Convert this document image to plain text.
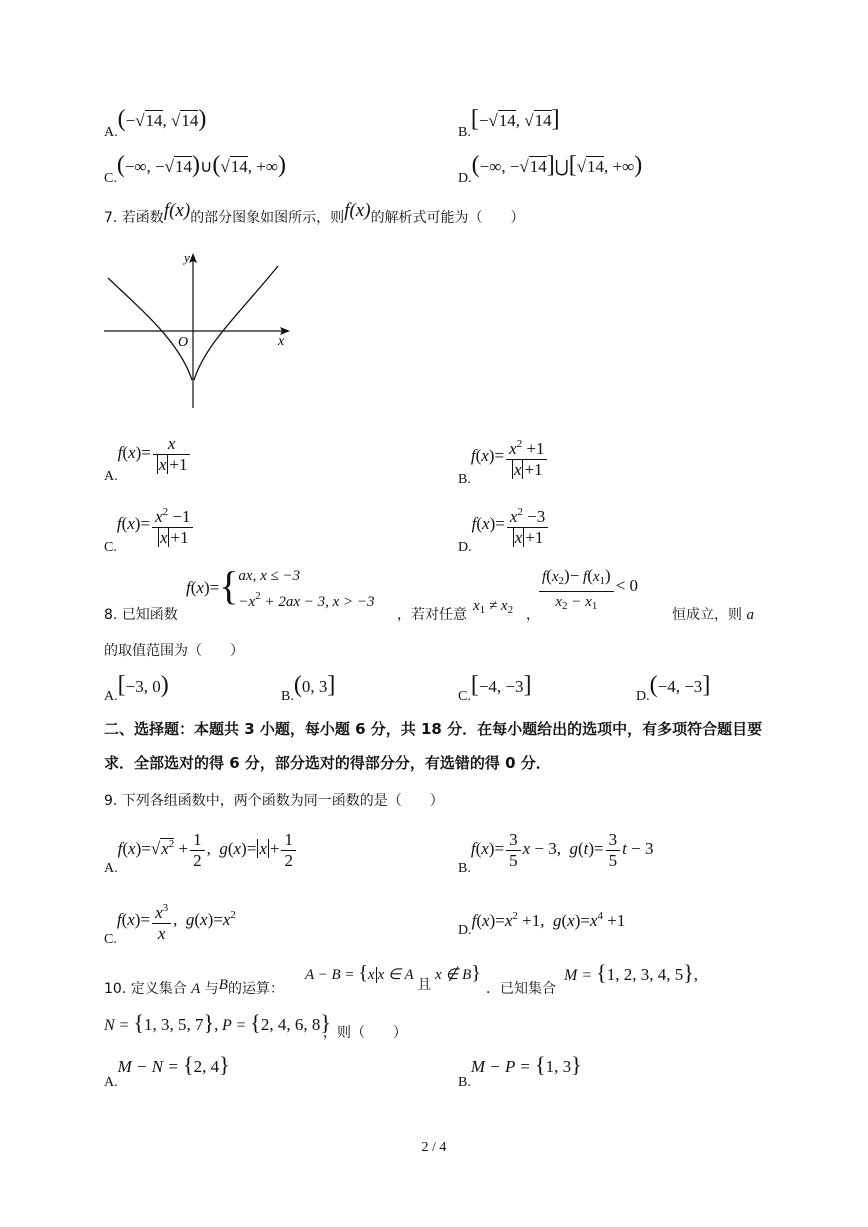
A.(−√14, √14)
B.[−√14, √14]
C.(−∞, −√14)∪(√14, +∞)
D.(−∞, −√14]⋃[√14, +∞)
7. 若函数f(x)的部分图象如图所示，则f(x)的解析式可能为（　　）
y
x
O
$A.f(x)= \frac{x}{x +1}$
$B.f(x)= \frac{x^2 +1}{x +1}$
$C.f(x)= \frac{x^2 -1}{x +1}$	$D.f(x)= \frac{x^2 -3}{x +1}$
8. 已知函数
f(x)={ ax, x ≤ −3
$-x^2 + 2ax - 3$, x > −3
，若对任意
$x_1 \ne x_2$ ， $\frac{f(x_2)- f(x_1)}{x_2 - x_1} < 0$
恒成立，则 a
的取值范围为（　　）
A.[−3, 0)	B.(0, 3]	C.[−4, −3]	D.(−4, −3]
二、选择题：本题共 3 小题，每小题 6 分，共 18 分．在每小题给出的选项中，有多项符合题目要
求．全部选对的得 6 分，部分选对的得部分分，有选错的得 0 分．
9. 下列各组函数中，两个函数为同一函数的是（　　）
$A.f(x)=√x^2 + \frac{1}{2}$ ,  $g(x)= x + \frac{1}{2}$	$B.f(x)= \frac{3}{5}$ x − 3,  $g(t)= \frac{3}{5}$ t − 3
$C.f(x)= \frac{x^3}{x}$ ,  $g(x)=x^2$
$D.f(x)=x^2 +1$,  $g(x)=x^4 +1$
10. 定义集合 A 与B的运算：
A − B = {x x ∈ A 且 x ∉ B}
．已知集合
M = {1, 2, 3, 4, 5},
N = {1, 3, 5, 7}, P = {2, 4, 6, 8}
，则（　　）
A.M − N = {2, 4}
B.M − P = {1, 3}
2 / 4
